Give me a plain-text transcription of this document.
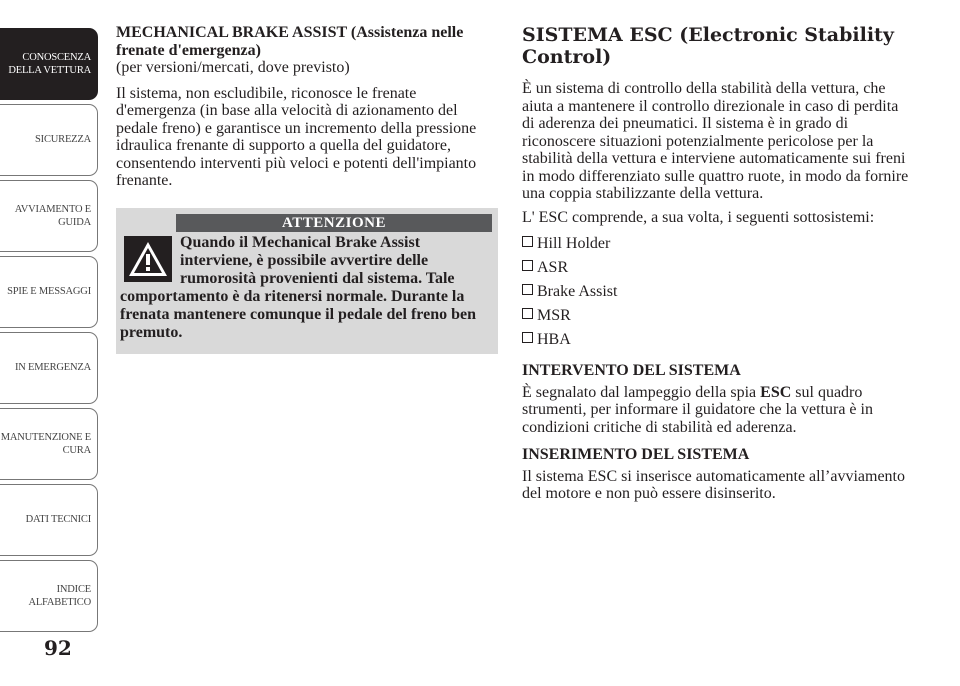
CONOSCENZA
DELLA VETTURA
SICUREZZA
AVVIAMENTO E
GUIDA
SPIE E MESSAGGI
IN EMERGENZA
MANUTENZIONE E
CURA
DATI TECNICI
INDICE
ALFABETICO
92

MECHANICAL BRAKE ASSIST (Assistenza nelle frenate d'emergenza)

(per versioni/mercati, dove previsto)

Il sistema, non escludibile, riconosce le frenate d'emergenza (in base alla velocità di azionamento del pedale freno) e garantisce un incremento della pressione idraulica frenante di supporto a quella del guidatore, consentendo interventi più veloci e potenti dell'impianto frenante.

ATTENZIONE

Quando il Mechanical Brake Assist interviene, è possibile avvertire delle rumorosità provenienti dal sistema. Tale comportamento è da ritenersi normale. Durante la frenata mantenere comunque il pedale del freno ben premuto.

SISTEMA ESC (Electronic Stability Control)

È un sistema di controllo della stabilità della vettura, che aiuta a mantenere il controllo direzionale in caso di perdita di aderenza dei pneumatici. Il sistema è in grado di riconoscere situazioni potenzialmente pericolose per la stabilità della vettura e interviene automaticamente sui freni in modo differenziato sulle quattro ruote, in modo da fornire una coppia stabilizzante della vettura.

L' ESC comprende, a sua volta, i seguenti sottosistemi:

Hill Holder
ASR
Brake Assist
MSR
HBA

INTERVENTO DEL SISTEMA

È segnalato dal lampeggio della spia ESC sul quadro strumenti, per informare il guidatore che la vettura è in condizioni critiche di stabilità ed aderenza.

INSERIMENTO DEL SISTEMA

Il sistema ESC si inserisce automaticamente all’avviamento del motore e non può essere disinserito.
